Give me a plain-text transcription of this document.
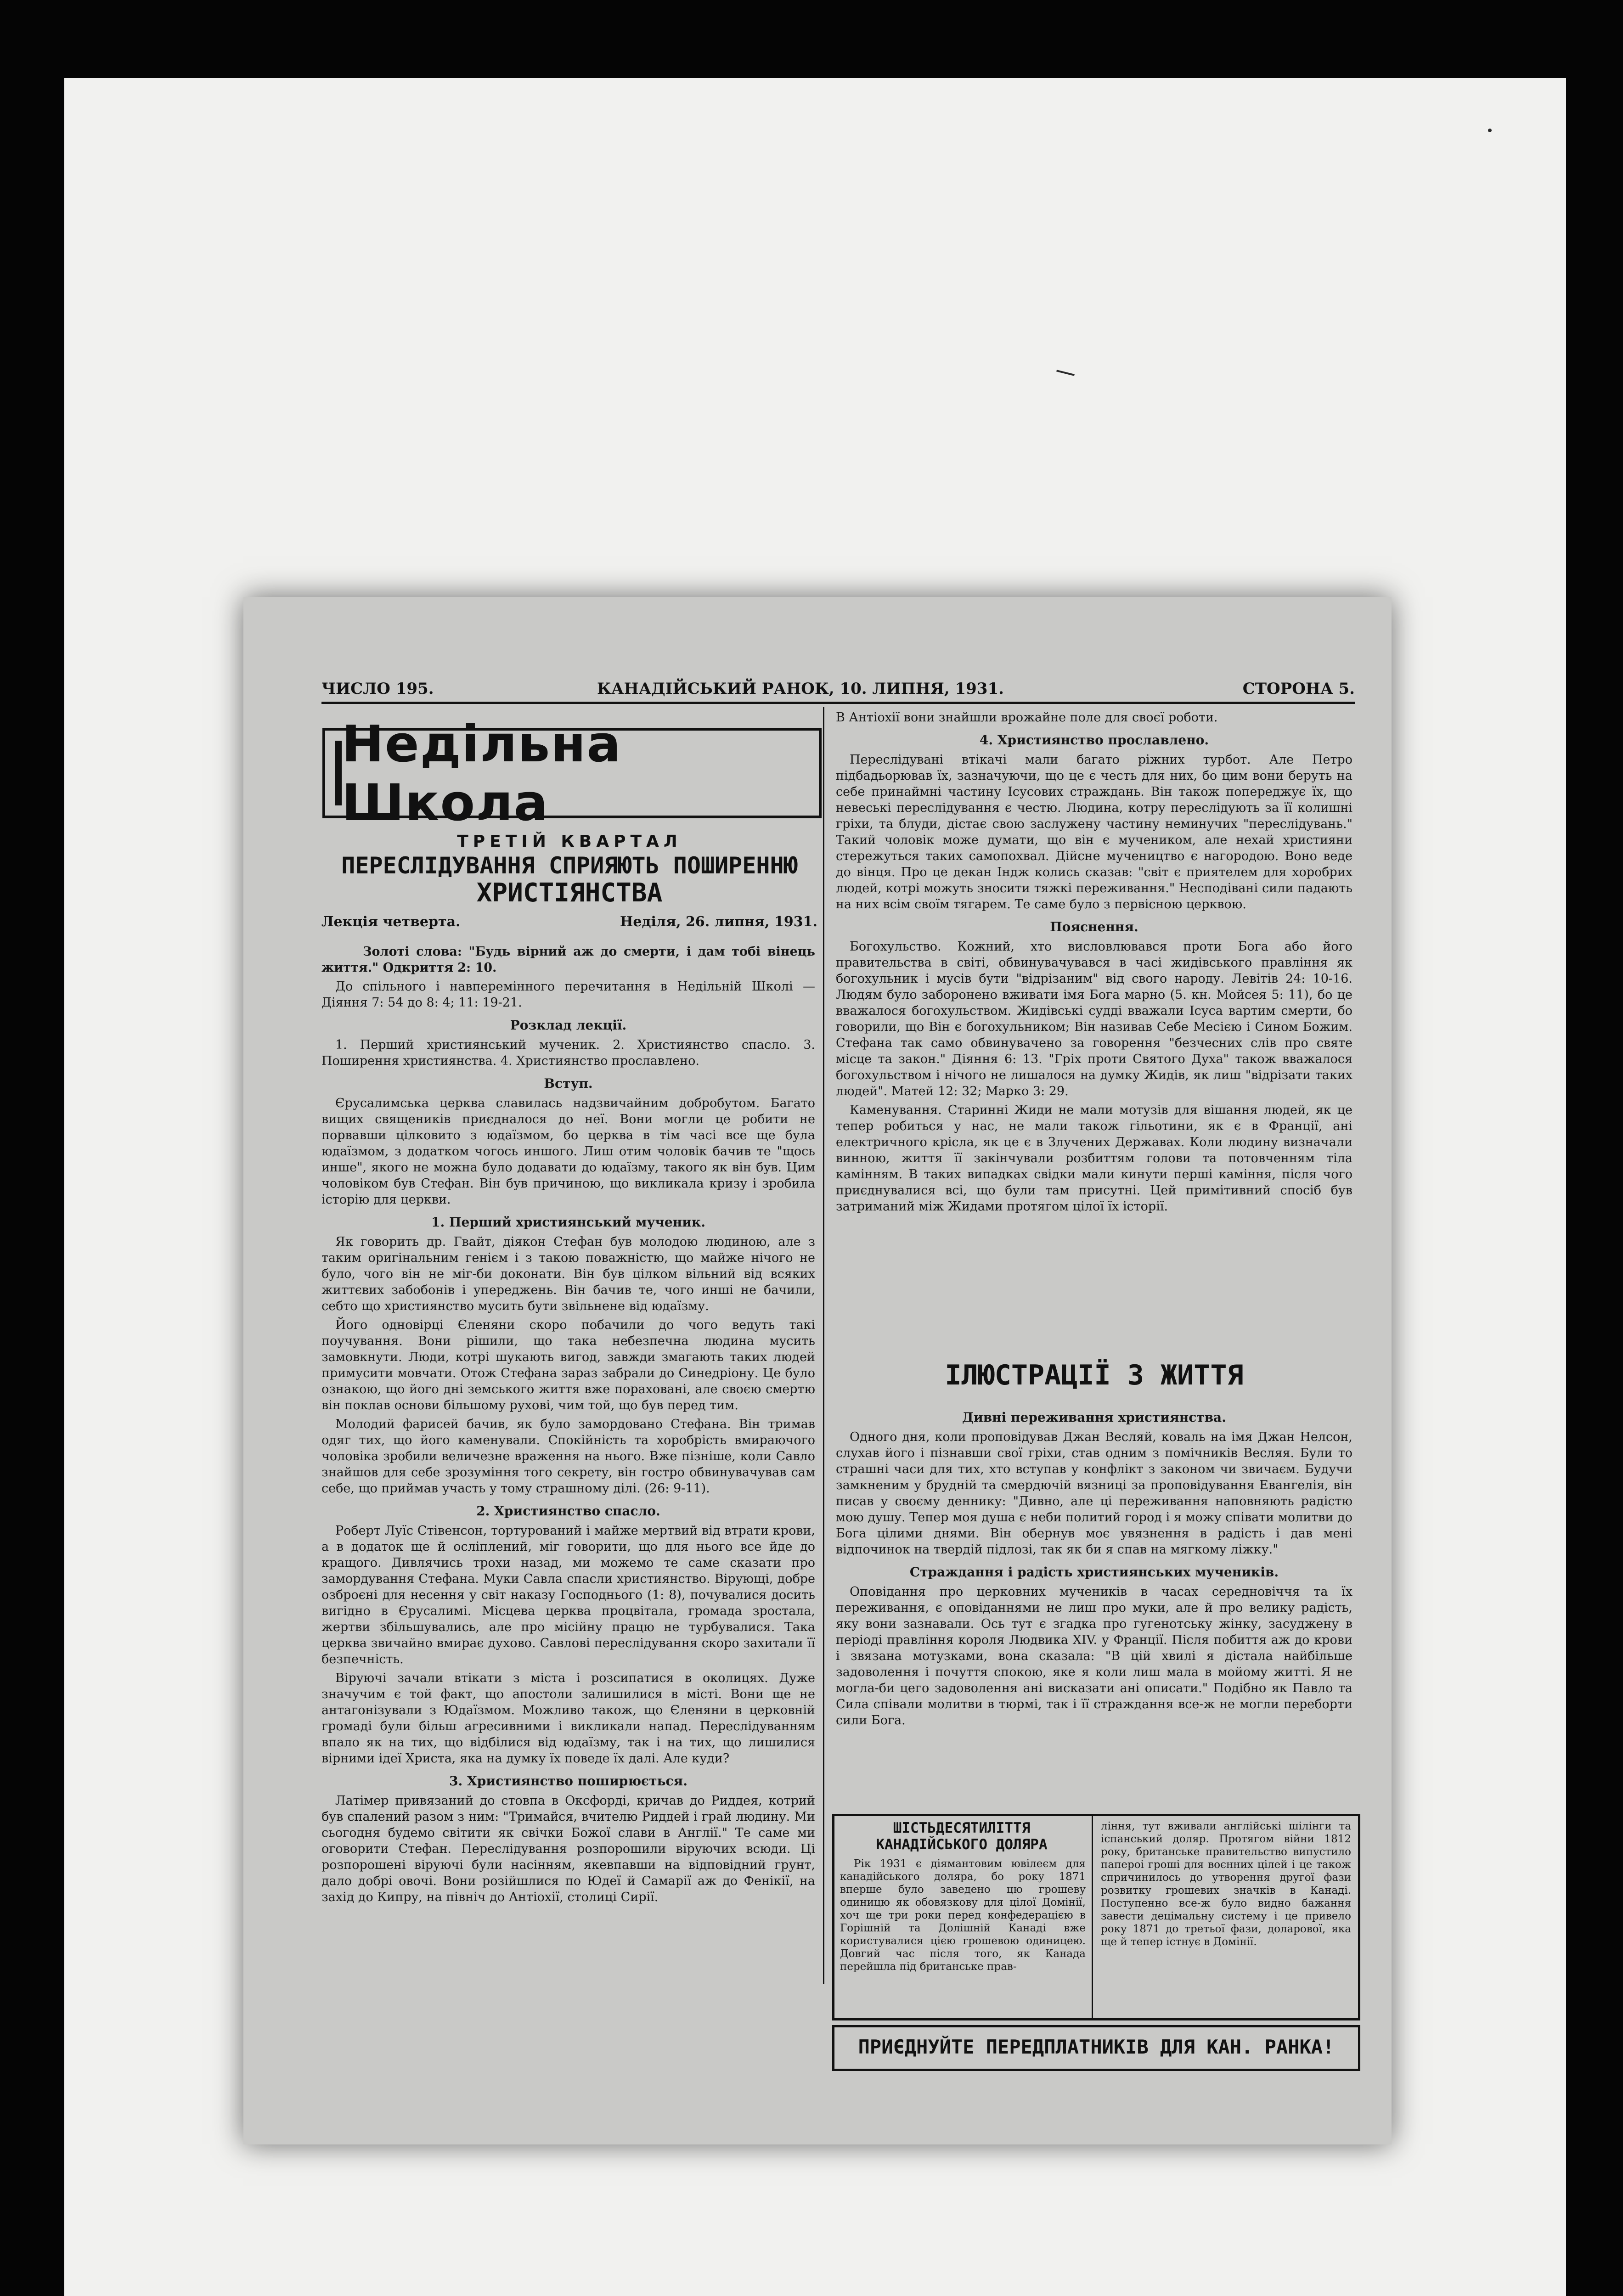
ЧИСЛО 195.	КАНАДІЙСЬКИЙ РАНОК, 10. ЛИПНЯ, 1931.	СТОРОНА 5.
Недільна Школа
ТРЕТІЙ КВАРТАЛ
ПЕРЕСЛІДУВАННЯ СПРИЯЮТЬ ПОШИРЕННЮ
ХРИСТІЯНСТВА
Лекція четверта.	Неділя, 26. липня, 1931.

Золоті слова: "Будь вірний аж до смерти, і дам тобі вінець життя." Одкриття 2: 10.

До спільного і навперемінного перечитання в Недільній Школі — Діяння 7: 54 до 8: 4; 11: 19-21.

Розклад лекції.

1. Перший християнський мученик. 2. Християнство спасло. 3. Поширення християнства. 4. Християнство прославлено.

Вступ.

Єрусалимська церква славилась надзвичайним добробутом. Багато вищих священиків приєдналося до неї. Вони могли це робити не порвавши цілковито з юдаїзмом, бо церква в тім часі все ще була юдаїзмом, з додатком чогось иншого. Лиш отим чоловік бачив те "щось инше", якого не можна було додавати до юдаїзму, такого як він був. Цим чоловіком був Стефан. Він був причиною, що викликала кризу і зробила історію для церкви.

1. Перший християнський мученик.

Як говорить др. Гвайт, діякон Стефан був молодою людиною, але з таким оригінальним генієм і з такою поважністю, що майже нічого не було, чого він не міг-би доконати. Він був цілком вільний від всяких життєвих забобонів і упереджень. Він бачив те, чого инші не бачили, себто що християнство мусить бути звільнене від юдаїзму.

Його одновірці Єленяни скоро побачили до чого ведуть такі поучування. Вони рішили, що така небезпечна людина мусить замовкнути. Люди, котрі шукають вигод, завжди змагають таких людей примусити мовчати. Отож Стефана зараз забрали до Синедріону. Це було ознакою, що його дні земського життя вже пораховані, але своєю смертю він поклав основи більшому рухові, чим той, що був перед тим.

Молодий фарисей бачив, як було замордовано Стефана. Він тримав одяг тих, що його каменували. Спокійність та хоробрість вмираючого чоловіка зробили величезне враження на нього. Вже пізніше, коли Савло знайшов для себе зрозуміння того секрету, він гостро обвинувачував сам себе, що приймав участь у тому страшному ділі. (26: 9-11).

2. Християнство спасло.

Роберт Луїс Стівенсон, тортурований і майже мертвий від втрати крови, а в додаток ще й осліплений, міг говорити, що для нього все йде до кращого. Дивлячись трохи назад, ми можемо те саме сказати про замордування Стефана. Муки Савла спасли християнство. Вірующі, добре озброєні для несення у світ наказу Господнього (1: 8), почувалися досить вигідно в Єрусалимі. Місцева церква процвітала, громада зростала, жертви збільшувались, але про місійну працю не турбувалися. Така церква звичайно вмирає духово. Савлові переслідування скоро захитали її безпечність.

Віруючі зачали втікати з міста і розсипатися в околицях. Дуже значучим є той факт, що апостоли залишилися в місті. Вони ще не антагонізували з Юдаїзмом. Можливо також, що Єленяни в церковній громаді були більш агресивними і викликали напад. Переслідуванням впало як на тих, що відбілися від юдаїзму, так і на тих, що лишилися вірними ідеї Христа, яка на думку їх поведе їх далі. Але куди?

3. Християнство поширюється.

Латімер привязаний до стовпа в Оксфорді, кричав до Риддея, котрий був спалений разом з ним: "Тримайся, вчителю Риддей і грай людину. Ми сьогодня будемо світити як свічки Божої слави в Англії." Те саме ми оговорити Стефан. Переслідування розпорошили віруючих всюди. Ці розпорошені віруючі були насінням, якевпавши на відповідний грунт, дало добрі овочі. Вони розійшлися по Юдеї й Самарії аж до Фенікії, на захід до Кипру, на північ до Антіохії, столиці Сирії.

В Антіохії вони знайшли врожайне поле для своєї роботи.

4. Християнство прославлено.

Переслідувані втікачі мали багато ріжних турбот. Але Петро підбадьорював їх, зазначуючи, що це є честь для них, бо цим вони беруть на себе принаймні частину Ісусових страждань. Він також попереджує їх, що невеські переслідування є честю. Людина, котру переслідують за її колишні гріхи, та блуди, дістає свою заслужену частину неминучих "переслідувань." Такий чоловік може думати, що він є мучеником, але нехай християни стережуться таких самопохвал. Дійсне мучеництво є нагородою. Воно веде до вінця. Про це декан Індж колись сказав: "світ є приятелем для хоробрих людей, котрі можуть зносити тяжкі переживання." Несподівані сили падають на них всім своїм тягарем. Те саме було з первісною церквою.

Пояснення.

Богохульство. Кожний, хто висловлювався проти Бога або його правительства в світі, обвинувачувався в часі жидівського правління як богохульник і мусів бути "відрізаним" від свого народу. Левітів 24: 10-16. Людям було заборонено вживати імя Бога марно (5. кн. Мойсея 5: 11), бо це вважалося богохульством. Жидівські судді вважали Ісуса вартим смерти, бо говорили, що Він є богохульником; Він називав Себе Месією і Сином Божим. Стефана так само обвинувачено за говорення "безчесних слів про святе місце та закон." Діяння 6: 13. "Гріх проти Святого Духа" також вважалося богохульством і нічого не лишалося на думку Жидів, як лиш "відрізати таких людей". Матей 12: 32; Марко 3: 29.

Каменування. Старинні Жиди не мали мотузів для вішання людей, як це тепер робиться у нас, не мали також гільотини, як є в Франції, ані електричного крісла, як це є в Злучених Державах. Коли людину визначали винною, життя її закінчували розбиттям голови та потовченням тіла камінням. В таких випадках свідки мали кинути перші каміння, після чого приєднувалися всі, що були там присутні. Цей примітивний спосіб був затриманий між Жидами протягом цілої їх історії.

ІЛЮСТРАЦІЇ З ЖИТТЯ
Дивні переживання християнства.

Одного дня, коли проповідував Джан Весляй, коваль на імя Джан Нелсон, слухав його і пізнавши свої гріхи, став одним з помічників Весляя. Були то страшні часи для тих, хто вступав у конфлікт з законом чи звичаєм. Будучи замкненим у брудній та смердючій вязниці за проповідування Евангелія, він писав у своєму деннику: "Дивно, але ці переживання наповняють радістю мою душу. Тепер моя душа є неби политий город і я можу співати молитви до Бога цілими днями. Він обернув моє увязнення в радість і дав мені відпочинок на твердій підлозі, так як би я спав на мягкому ліжку."

Страждання і радість християнських мучеників.

Оповідання про церковних мучеників в часах середновіччя та їх переживання, є оповіданнями не лиш про муки, але й про велику радість, яку вони зазнавали. Ось тут є згадка про гугенотську жінку, засуджену в періоді правління короля Людвика XIV. у Франції. Після побиття аж до крови і звязана мотузками, вона сказала: "В цій хвилі я дістала найбільше задоволення і почуття спокою, яке я коли лиш мала в мойому житті. Я не могла-би цего задоволення ані висказати ані описати." Подібно як Павло та Сила співали молитви в тюрмі, так і її страждання все-ж не могли переборти сили Бога.

ШІСТЬДЕСЯТИЛІТТЯ
КАНАДІЙСЬКОГО ДОЛЯРА

Рік 1931 є діямантовим ювілеєм для канадійського доляра, бо року 1871 вперше було заведено цю грошеву одиницю як обовязкову для цілої Домінії, хоч ще три роки перед конфедерацією в Горішній та Долішній Канаді вже користувалися цією грошевою одиницею. Довгий час після того, як Канада перейшла під британське прав-

ління, тут вживали англійські шілінги та іспанський доляр. Протягом війни 1812 року, британське правительство випустило папероі гроші для воєнних цілей і це також спричинилось до утворення другої фази розвитку грошевих значків в Канаді. Поступенно все-ж було видно бажання завести децімальну систему і це привело року 1871 до третьої фази, доларової, яка ще й тепер істнує в Домінії.

ПРИЄДНУЙТЕ ПЕРЕДПЛАТНИКІВ ДЛЯ КАН. РАНКА!
